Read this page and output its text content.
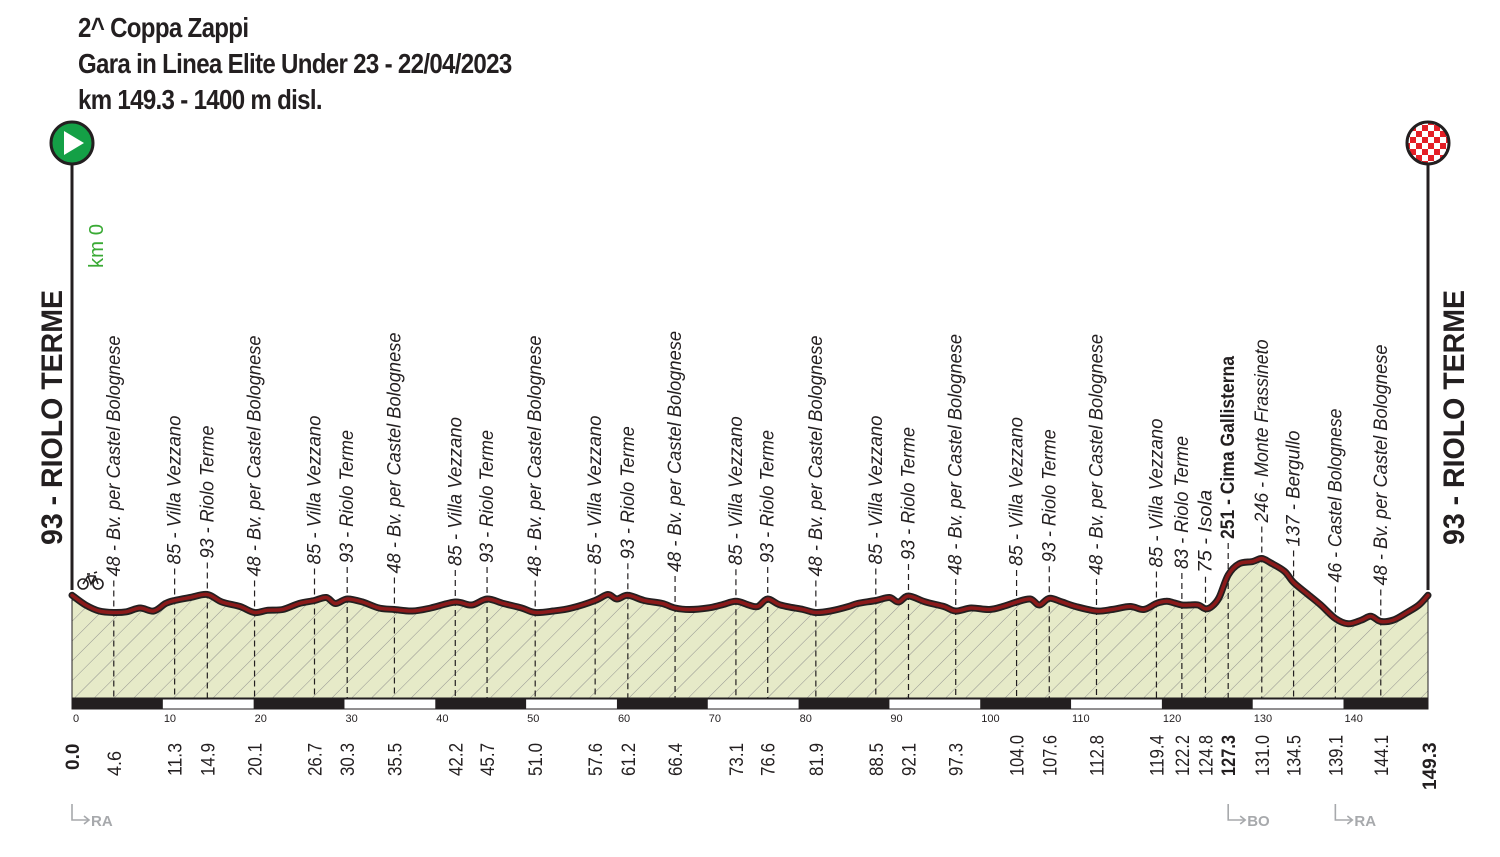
2^ Coppa Zappi
Gara in Linea Elite Under 23 - 22/04/2023
km 149.3 - 1400 m disl.
0	10	20	30	40	50	60	70	80	90	100	110	120	130	140
48 - Bv. per Castel Bolognese
4.6
85 - Villa Vezzano
11.3
93 - Riolo Terme
14.9
48 - Bv. per Castel Bolognese
20.1
85 - Villa Vezzano
26.7
93 - Riolo Terme
30.3
48 - Bv. per Castel Bolognese
35.5
85 - Villa Vezzano
42.2
93 - Riolo Terme
45.7
48 - Bv. per Castel Bolognese
51.0
85 - Villa Vezzano
57.6
93 - Riolo Terme
61.2
48 - Bv. per Castel Bolognese
66.4
85 - Villa Vezzano
73.1
93 - Riolo Terme
76.6
48 - Bv. per Castel Bolognese
81.9
85 - Villa Vezzano
88.5
93 - Riolo Terme
92.1
48 - Bv. per Castel Bolognese
97.3
85 - Villa Vezzano
104.0
93 - Riolo Terme
107.6
48 - Bv. per Castel Bolognese
112.8
85 - Villa Vezzano
119.4
83 - Riolo Terme
122.2
75 - Isola
124.8
251 - Cima Gallisterna
127.3
246 - Monte Frassineto
131.0
137 - Bergullo
134.5
46 - Castel Bolognese
139.1
48 - Bv. per Castel Bolognese
144.1
0.0	149.3
93 - RIOLO TERME	93 - RIOLO TERME
km 0
RA	BO	RA
